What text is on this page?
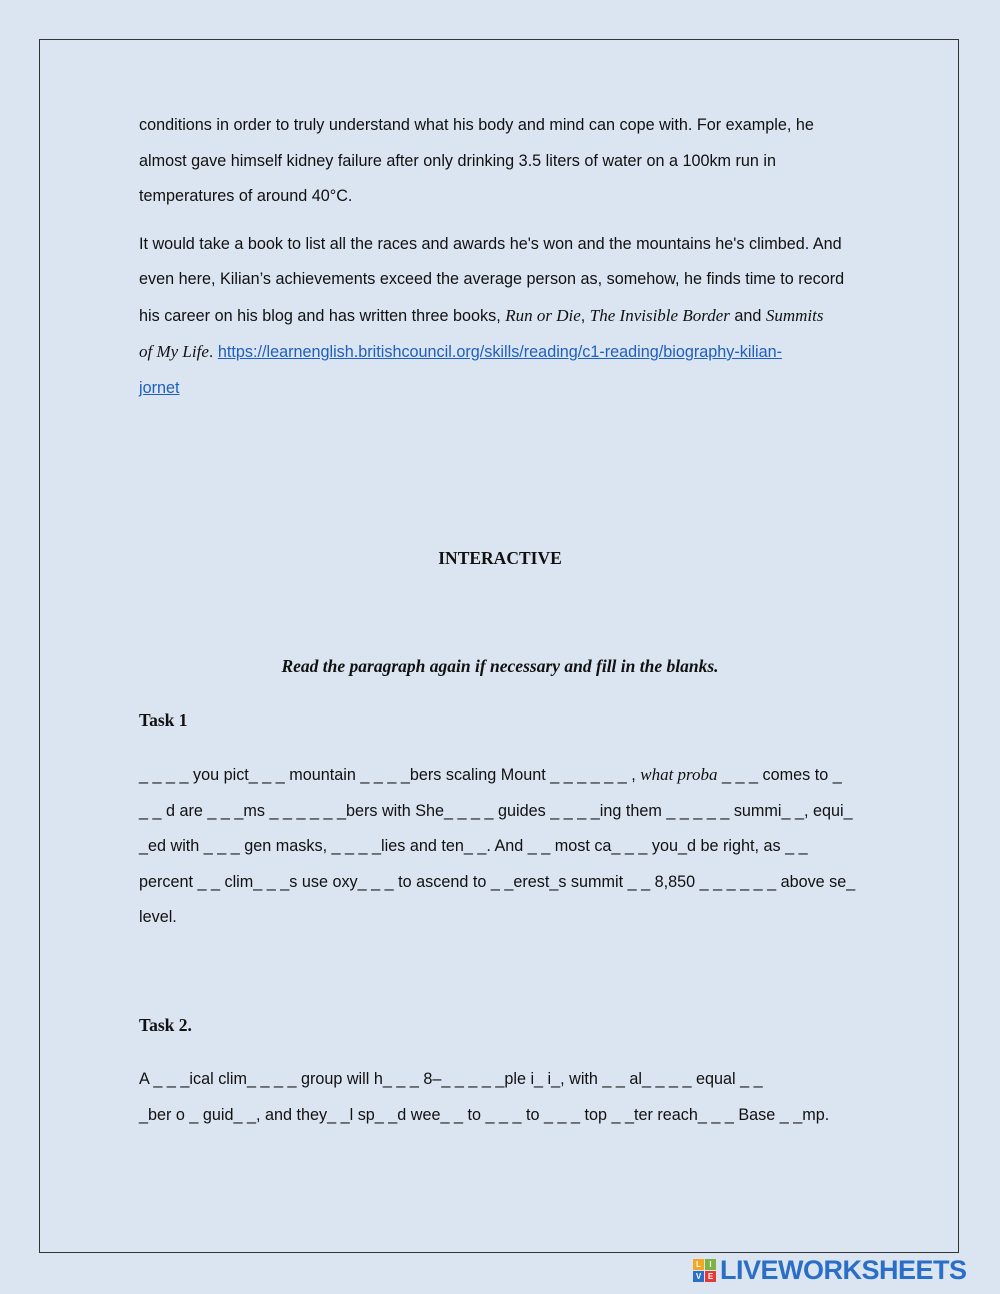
conditions in order to truly understand what his body and mind can cope with. For example, he
almost gave himself kidney failure after only drinking 3.5 liters of water on a 100km run in
temperatures of around 40°C.

It would take a book to list all the races and awards he's won and the mountains he's climbed. And
even here, Kilian’s achievements exceed the average person as, somehow, he finds time to record
his career on his blog and has written three books, Run or Die, The Invisible Border and Summits
of My Life. https://learnenglish.britishcouncil.org/skills/reading/c1-reading/biography-kilian-
jornet

INTERACTIVE
Read the paragraph again if necessary and fill in the blanks.
Task 1
_ _ _ _ you pict_ _ _ mountain _ _ _ _bers scaling Mount _ _ _ _ _ _ , what proba _ _ _ comes to _
_ _ d are _ _ _ms _ _ _ _ _ _bers with She_ _ _ _ guides _ _ _ _ing them _ _ _ _ _ summi_ _, equi_
_ed with _ _ _ gen masks, _ _ _ _lies and ten_ _. And _ _ most ca_ _ _ you_d be right, as _ _
percent _ _ clim_ _ _s use oxy_ _ _ to ascend to _ _erest_s summit _ _ 8,850 _ _ _ _ _ _ above se_
level.
Task 2.
A _ _ _ical clim_ _ _ _ group will h_ _ _ 8–_ _ _ _ _ple i_ i_, with _ _ al_ _ _ _ equal _ _
_ber o _ guid_ _, and they_ _l sp_ _d wee_ _ to _ _ _ to _ _ _ top _ _ter reach_ _ _ Base _ _mp.
L	I
V E LIVEWORKSHEETS
